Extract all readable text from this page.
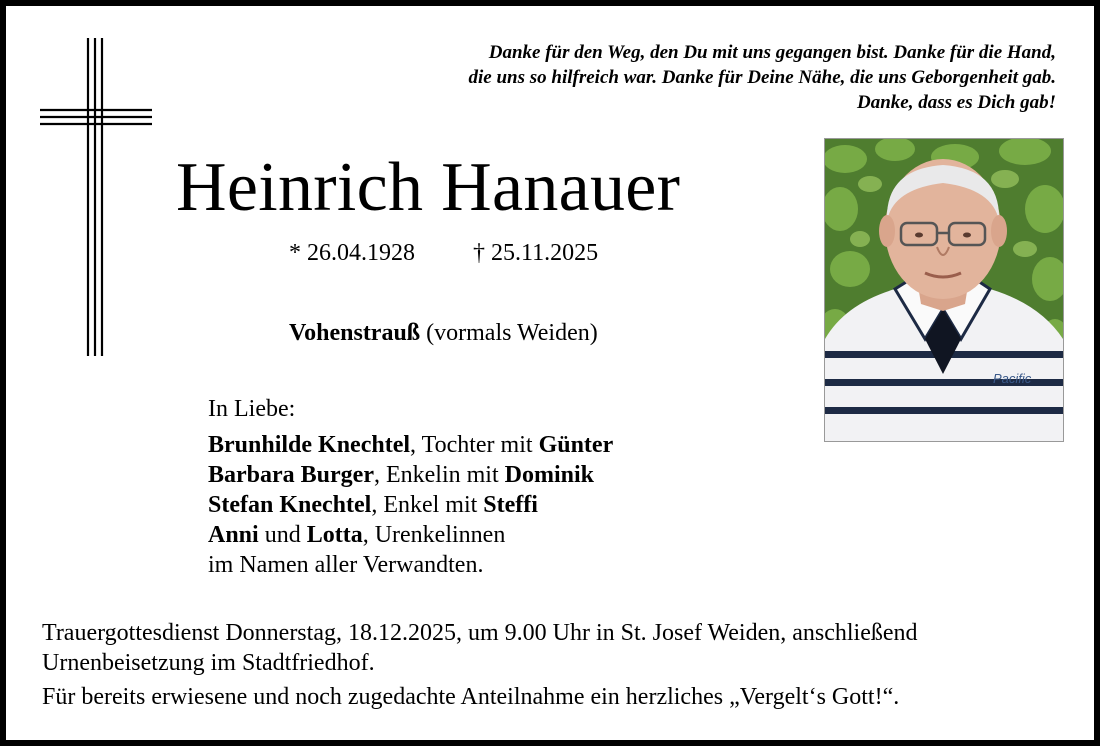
Danke für den Weg, den Du mit uns gegangen bist. Danke für die Hand,
die uns so hilfreich war. Danke für Deine Nähe, die uns Geborgenheit gab.
Danke, dass es Dich gab!
Heinrich Hanauer
* 26.04.1928 † 25.11.2025
Vohenstrauß (vormals Weiden)
In Liebe:
Brunhilde Knechtel, Tochter mit Günter
Barbara Burger, Enkelin mit Dominik
Stefan Knechtel, Enkel mit Steffi
Anni und Lotta, Urenkelinnen
im Namen aller Verwandten.
Trauergottesdienst Donnerstag, 18.12.2025, um 9.00 Uhr in St. Josef Weiden, anschließend
Urnenbeisetzung im Stadtfriedhof.
Für bereits erwiesene und noch zugedachte Anteilnahme ein herzliches „Vergelt‘s Gott!“.
Pacific
